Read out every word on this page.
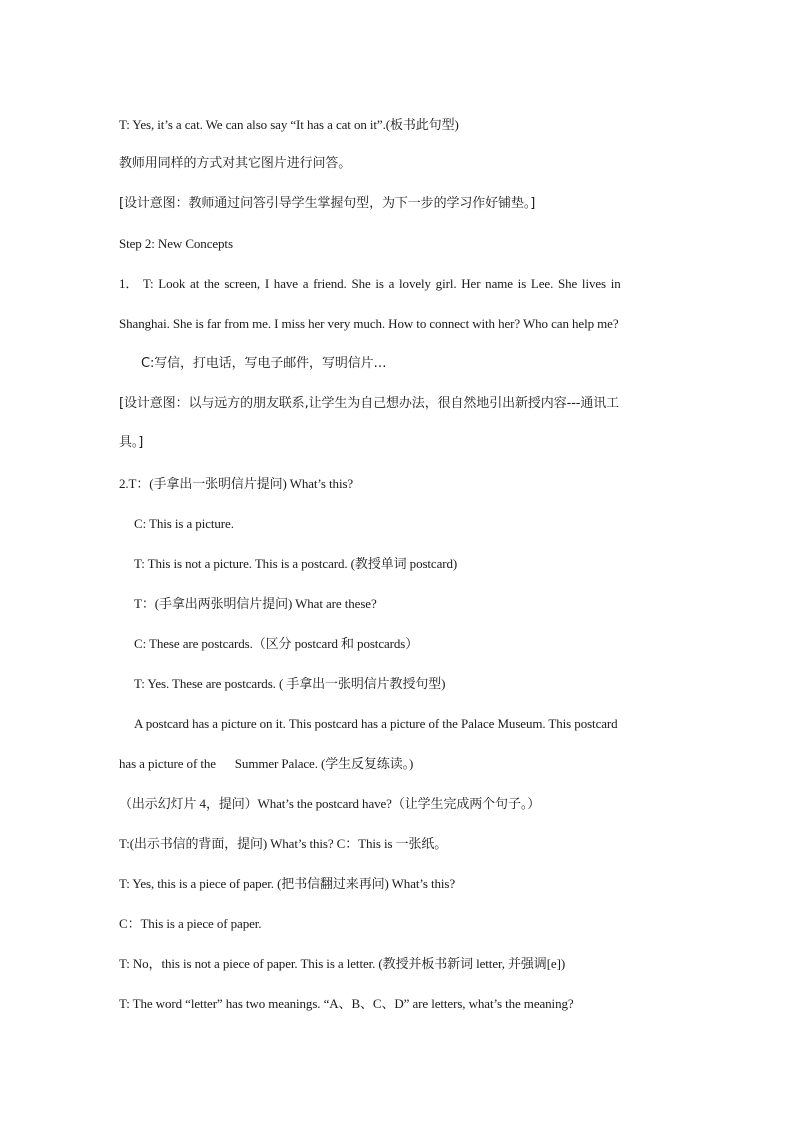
T: Yes, it’s a cat. We can also say “It has a cat on it”.(板书此句型)
教师用同样的方式对其它图片进行问答。
[设计意图：教师通过问答引导学生掌握句型，为下一步的学习作好铺垫。]
Step 2: New Concepts
1． T: Look at the screen, I have a friend. She is a lovely girl. Her name is Lee. She lives in
Shanghai. She is far from me. I miss her very much. How to connect with her? Who can help me?
C:写信，打电话，写电子邮件，写明信片…
[设计意图：以与远方的朋友联系,让学生为自己想办法，很自然地引出新授内容---通讯工
具。]
2.T：(手拿出一张明信片提问) What’s this?
C: This is a picture.
T: This is not a picture. This is a postcard. (教授单词 postcard)
T：(手拿出两张明信片提问) What are these?
C: These are postcards.（区分 postcard 和 postcards）
T: Yes. These are postcards. ( 手拿出一张明信片教授句型)
A postcard has a picture on it. This postcard has a picture of the Palace Museum. This postcard
has a picture of the      Summer Palace. (学生反复练读。)
（出示幻灯片 4，提问）What’s the postcard have?（让学生完成两个句子。）
T:(出示书信的背面，提问) What’s this? C：This is 一张纸。
T: Yes, this is a piece of paper. (把书信翻过来再问) What’s this?
C：This is a piece of paper.
T: No，this is not a piece of paper. This is a letter. (教授并板书新词 letter, 并强调[e])
T: The word “letter” has two meanings. “A、B、C、D” are letters, what’s the meaning?
